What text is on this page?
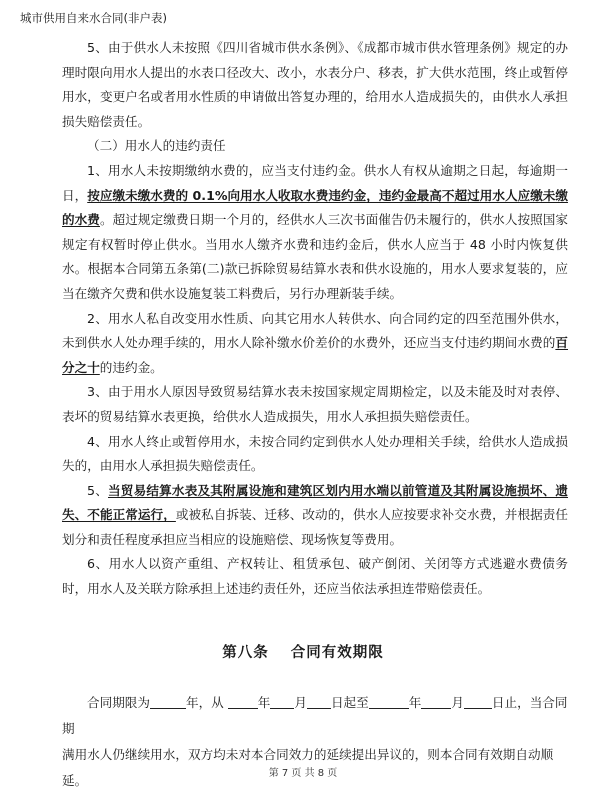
城市供用自来水合同(非户表)

5、由于供水人未按照《四川省城市供水条例》、《成都市城市供水管理条例》规定的办理时限向用水人提出的水表口径改大、改小，水表分户、移表，扩大供水范围，终止或暂停用水，变更户名或者用水性质的申请做出答复办理的，给用水人造成损失的，由供水人承担损失赔偿责任。

（二）用水人的违约责任

1、用水人未按期缴纳水费的，应当支付违约金。供水人有权从逾期之日起，每逾期一日，按应缴未缴水费的 0.1%向用水人收取水费违约金，违约金最高不超过用水人应缴未缴的水费。超过规定缴费日期一个月的，经供水人三次书面催告仍未履行的，供水人按照国家规定有权暂时停止供水。当用水人缴齐水费和违约金后，供水人应当于 48 小时内恢复供水。根据本合同第五条第(二)款已拆除贸易结算水表和供水设施的，用水人要求复装的，应当在缴齐欠费和供水设施复装工料费后，另行办理新装手续。

2、用水人私自改变用水性质、向其它用水人转供水、向合同约定的四至范围外供水，未到供水人处办理手续的，用水人除补缴水价差价的水费外，还应当支付违约期间水费的百分之十的违约金。

3、由于用水人原因导致贸易结算水表未按国家规定周期检定，以及未能及时对表停、表坏的贸易结算水表更换，给供水人造成损失，用水人承担损失赔偿责任。

4、用水人终止或暂停用水，未按合同约定到供水人处办理相关手续，给供水人造成损失的，由用水人承担损失赔偿责任。

5、当贸易结算水表及其附属设施和建筑区划内用水端以前管道及其附属设施损坏、遗失、不能正常运行，或被私自拆装、迁移、改动的，供水人应按要求补交水费，并根据责任划分和责任程度承担应当相应的设施赔偿、现场恢复等费用。

6、用水人以资产重组、产权转让、租赁承包、破产倒闭、关闭等方式逃避水费债务时，用水人及关联方除承担上述违约责任外，还应当依法承担连带赔偿责任。

第八条 合同有效期限

合同期限为	年，从 年 月 日起至	年 月 日止，当合同期

满用水人仍继续用水，双方均未对本合同效力的延续提出异议的，则本合同有效期自动顺延。	第 7 页 共 8 页
